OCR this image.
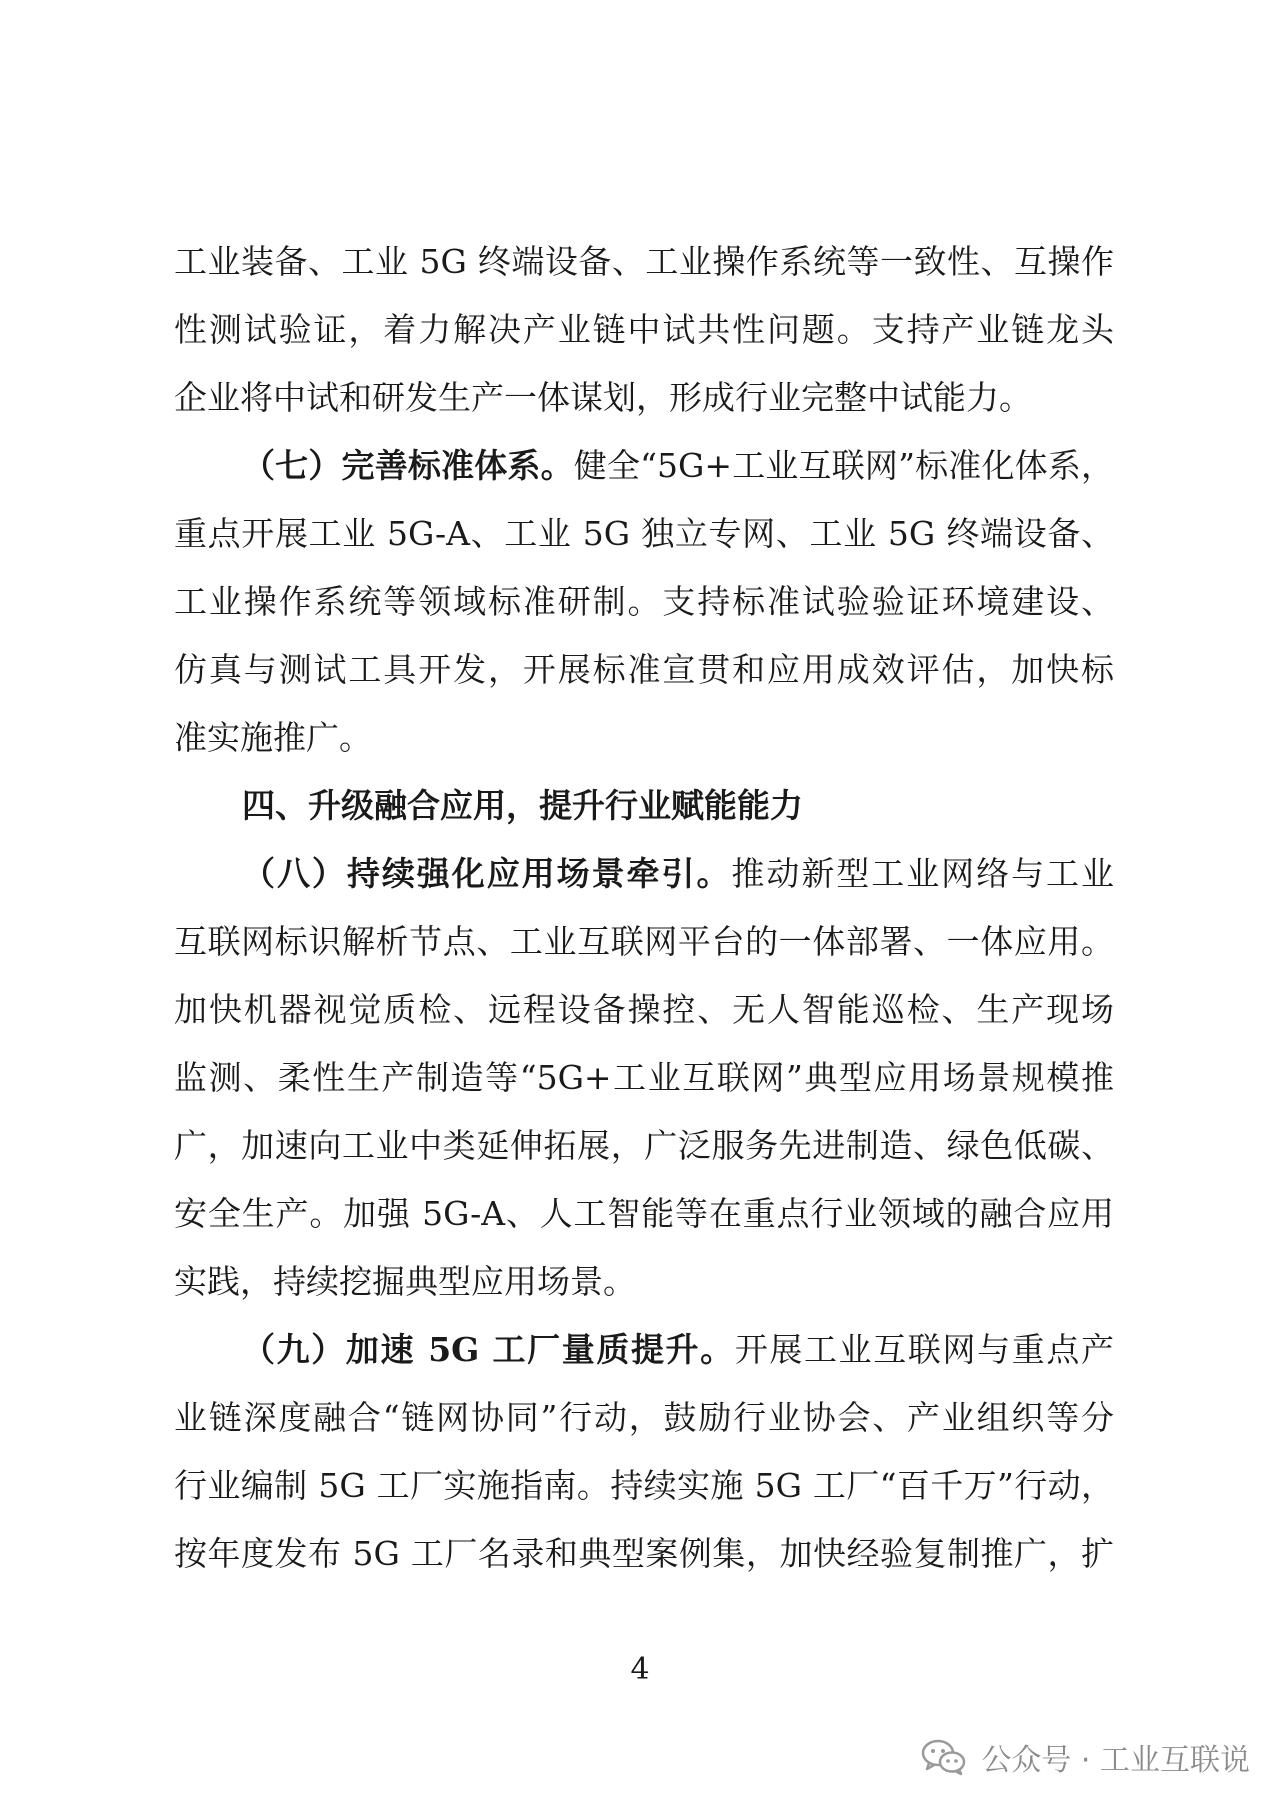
工业装备、工业 5G 终端设备、工业操作系统等一致性、互操作
性测试验证，着力解决产业链中试共性问题。支持产业链龙头
企业将中试和研发生产一体谋划，形成行业完整中试能力。
（七）完善标准体系。健全“5G+工业互联网”标准化体系，
重点开展工业 5G-A、工业 5G 独立专网、工业 5G 终端设备、
工业操作系统等领域标准研制。支持标准试验验证环境建设、
仿真与测试工具开发，开展标准宣贯和应用成效评估，加快标
准实施推广。
四、升级融合应用，提升行业赋能能力
（八）持续强化应用场景牵引。推动新型工业网络与工业
互联网标识解析节点、工业互联网平台的一体部署、一体应用。
加快机器视觉质检、远程设备操控、无人智能巡检、生产现场
监测、柔性生产制造等“5G+工业互联网”典型应用场景规模推
广，加速向工业中类延伸拓展，广泛服务先进制造、绿色低碳、
安全生产。加强 5G-A、人工智能等在重点行业领域的融合应用
实践，持续挖掘典型应用场景。
（九）加速 5G 工厂量质提升。开展工业互联网与重点产
业链深度融合“链网协同”行动，鼓励行业协会、产业组织等分
行业编制 5G 工厂实施指南。持续实施 5G 工厂“百千万”行动，
按年度发布 5G 工厂名录和典型案例集，加快经验复制推广，扩
4
公众号 · 工业互联说
